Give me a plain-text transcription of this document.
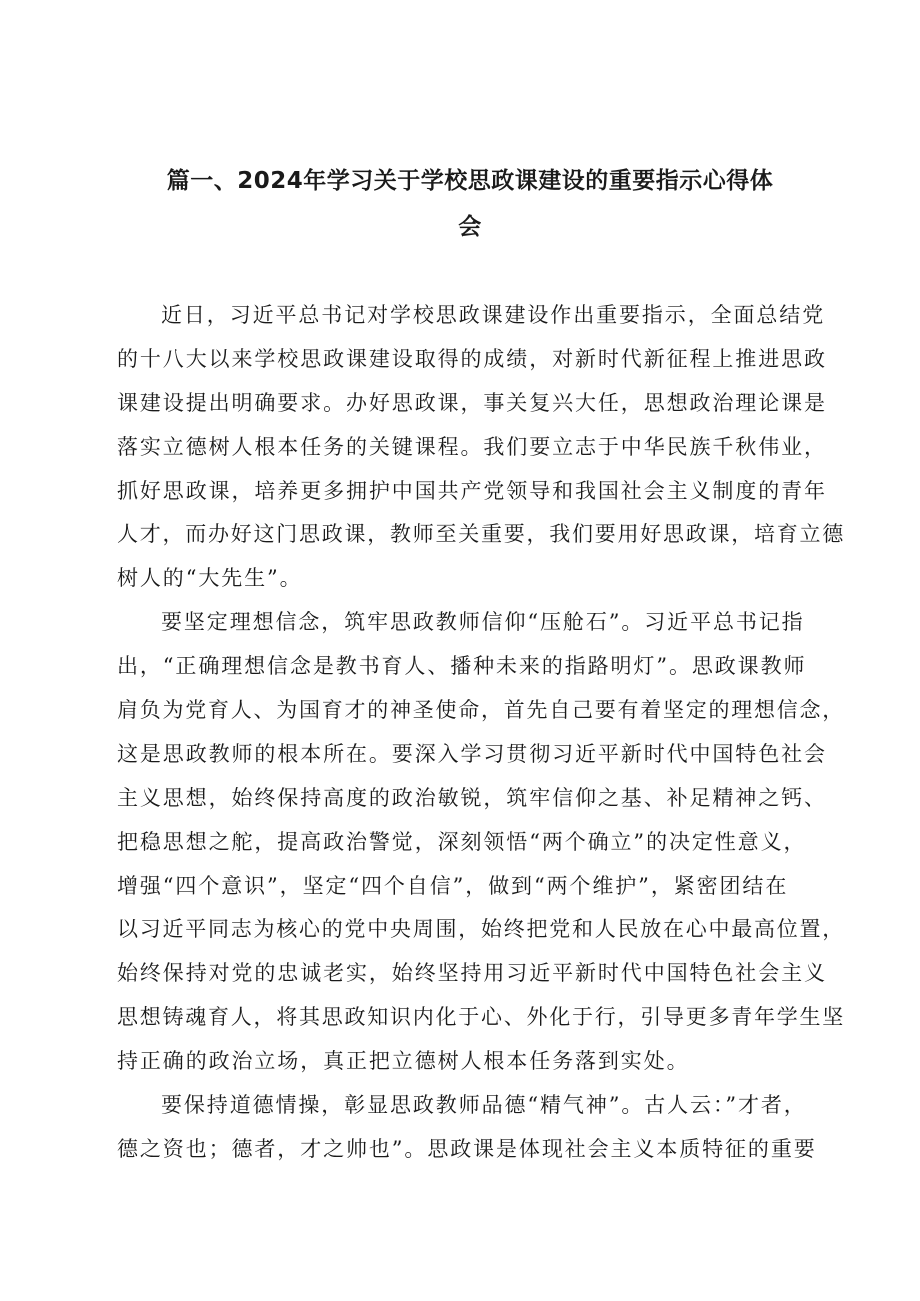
篇一、2024年学习关于学校思政课建设的重要指示心得体
会
近日，习近平总书记对学校思政课建设作出重要指示，全面总结党
的十八大以来学校思政课建设取得的成绩，对新时代新征程上推进思政
课建设提出明确要求。办好思政课，事关复兴大任，思想政治理论课是
落实立德树人根本任务的关键课程。我们要立志于中华民族千秋伟业，
抓好思政课，培养更多拥护中国共产党领导和我国社会主义制度的青年
人才，而办好这门思政课，教师至关重要，我们要用好思政课，培育立德
树人的“大先生”。
要坚定理想信念，筑牢思政教师信仰“压舱石”。习近平总书记指
出，“正确理想信念是教书育人、播种未来的指路明灯”。思政课教师
肩负为党育人、为国育才的神圣使命，首先自己要有着坚定的理想信念，
这是思政教师的根本所在。要深入学习贯彻习近平新时代中国特色社会
主义思想，始终保持高度的政治敏锐，筑牢信仰之基、补足精神之钙、
把稳思想之舵，提高政治警觉，深刻领悟“两个确立”的决定性意义，
增强“四个意识”，坚定“四个自信”，做到“两个维护”，紧密团结在
以习近平同志为核心的党中央周围，始终把党和人民放在心中最高位置，
始终保持对党的忠诚老实，始终坚持用习近平新时代中国特色社会主义
思想铸魂育人，将其思政知识内化于心、外化于行，引导更多青年学生坚
持正确的政治立场，真正把立德树人根本任务落到实处。
要保持道德情操，彰显思政教师品德“精气神”。古人云：”才者，
德之资也；德者，才之帅也”。思政课是体现社会主义本质特征的重要
